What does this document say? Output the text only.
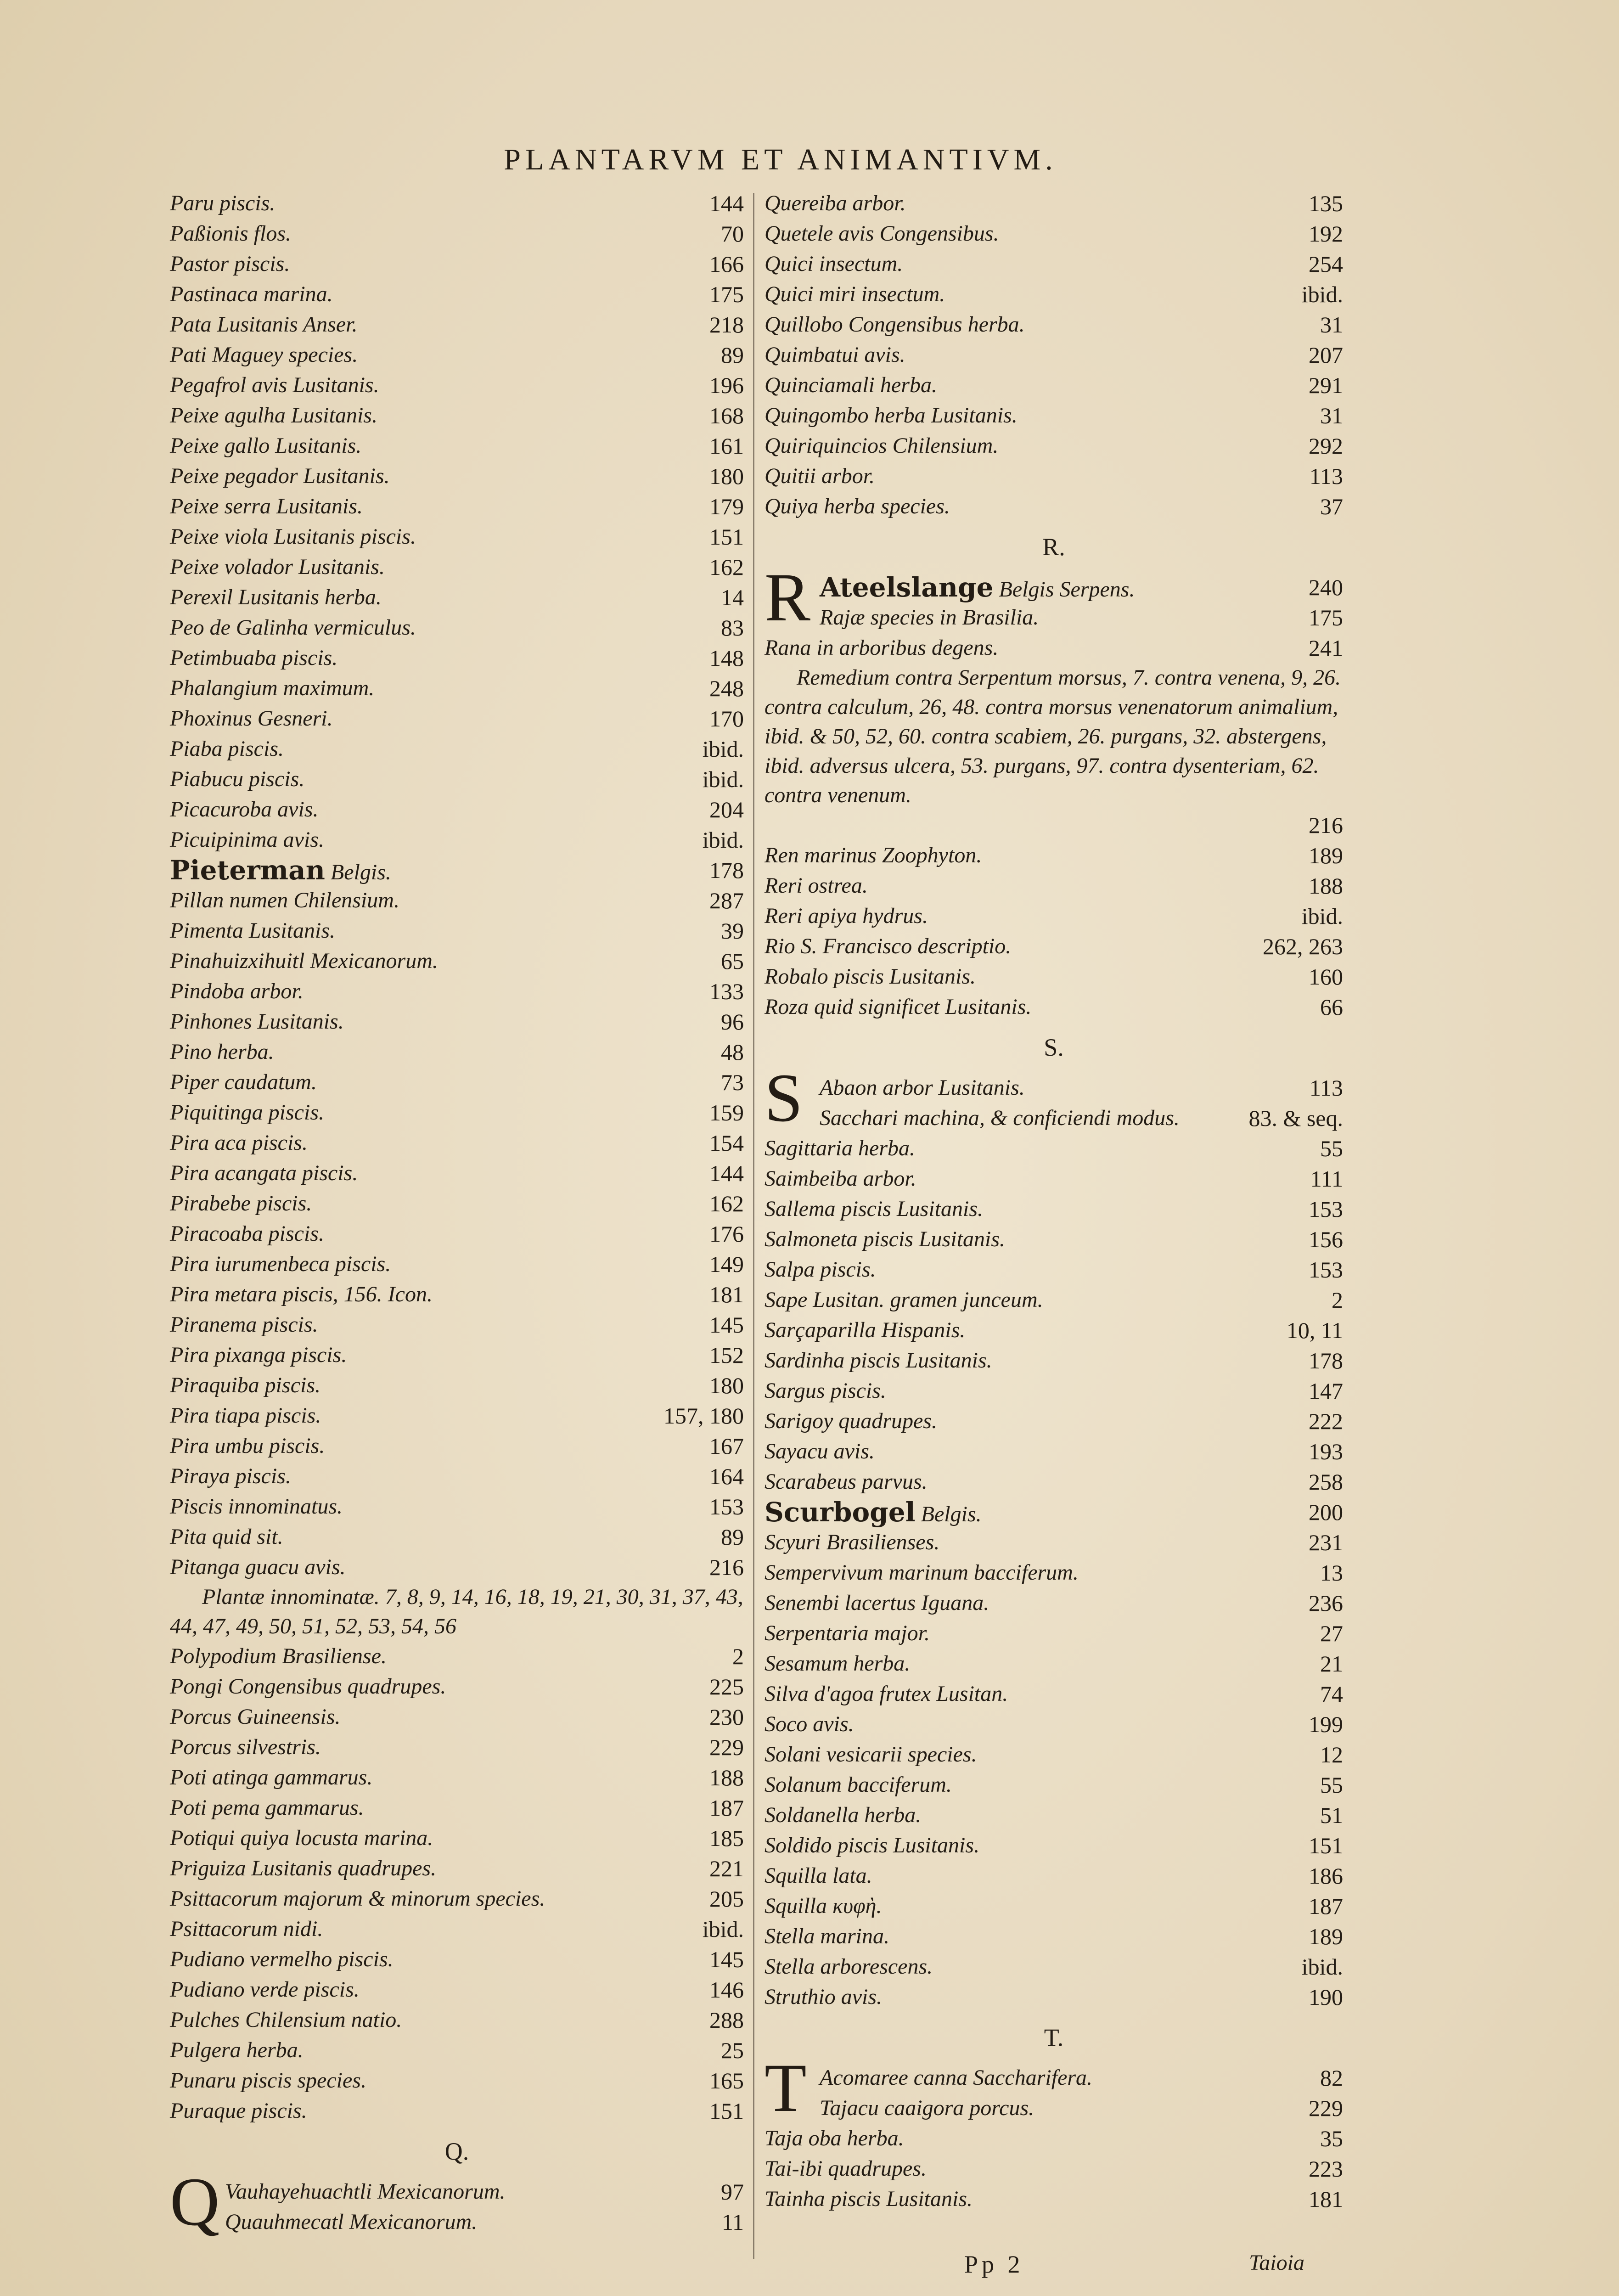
PLANTARVM ET ANIMANTIVM.
Paru piscis.	144
Paßionis flos.	70
Pastor piscis.	166
Pastinaca marina.	175
Pata Lusitanis Anser.	218
Pati Maguey species.	89
Pegafrol avis Lusitanis.	196
Peixe agulha Lusitanis.	168
Peixe gallo Lusitanis.	161
Peixe pegador Lusitanis.	180
Peixe serra Lusitanis.	179
Peixe viola Lusitanis piscis.	151
Peixe volador Lusitanis.	162
Perexil Lusitanis herba.	14
Peo de Galinha vermiculus.	83
Petimbuaba piscis.	148
Phalangium maximum.	248
Phoxinus Gesneri.	170
Piaba piscis.	ibid.
Piabucu piscis.	ibid.
Picacuroba avis.	204
Picuipinima avis.	ibid.
Pieterman Belgis.	178
Pillan numen Chilensium.	287
Pimenta Lusitanis.	39
Pinahuizxihuitl Mexicanorum.	65
Pindoba arbor.	133
Pinhones Lusitanis.	96
Pino herba.	48
Piper caudatum.	73
Piquitinga piscis.	159
Pira aca piscis.	154
Pira acangata piscis.	144
Pirabebe piscis.	162
Piracoaba piscis.	176
Pira iurumenbeca piscis.	149
Pira metara piscis, 156. Icon.	181
Piranema piscis.	145
Pira pixanga piscis.	152
Piraquiba piscis.	180
Pira tiapa piscis.	157, 180
Pira umbu piscis.	167
Piraya piscis.	164
Piscis innominatus.	153
Pita quid sit.	89
Pitanga guacu avis.	216
Plantæ innominatæ. 7, 8, 9, 14, 16, 18, 19, 21, 30, 31, 37, 43, 44, 47, 49, 50, 51, 52, 53, 54, 56
Polypodium Brasiliense.	2
Pongi Congensibus quadrupes.	225
Porcus Guineensis.	230
Porcus silvestris.	229
Poti atinga gammarus.	188
Poti pema gammarus.	187
Potiqui quiya locusta marina.	185
Priguiza Lusitanis quadrupes.	221
Psittacorum majorum & minorum species.	205
Psittacorum nidi.	ibid.
Pudiano vermelho piscis.	145
Pudiano verde piscis.	146
Pulches Chilensium natio.	288
Pulgera herba.	25
Punaru piscis species.	165
Puraque piscis.	151
Q.
Q Vauhayehuachtli Mexicanorum.	97
Quauhmecatl Mexicanorum.	11
Quereiba arbor.	135
Quetele avis Congensibus.	192
Quici insectum.	254
Quici miri insectum.	ibid.
Quillobo Congensibus herba.	31
Quimbatui avis.	207
Quinciamali herba.	291
Quingombo herba Lusitanis.	31
Quiriquincios Chilensium.	292
Quitii arbor.	113
Quiya herba species.	37
R.
R Ateelslange Belgis Serpens.	240
Rajæ species in Brasilia.	175
Rana in arboribus degens.	241
Remedium contra Serpentum morsus, 7. contra venena, 9, 26. contra calculum, 26, 48. contra morsus venenatorum animalium, ibid. & 50, 52, 60. contra scabiem, 26. purgans, 32. abstergens, ibid. adversus ulcera, 53. purgans, 97. contra dysenteriam, 62. contra venenum.
216
Ren marinus Zoophyton.	189
Reri ostrea.	188
Reri apiya hydrus.	ibid.
Rio S. Francisco descriptio.	262, 263
Robalo piscis Lusitanis.	160
Roza quid significet Lusitanis.	66
S.
S Abaon arbor Lusitanis.	113
Sacchari machina, & conficiendi modus.	83. & seq.
Sagittaria herba.	55
Saimbeiba arbor.	111
Sallema piscis Lusitanis.	153
Salmoneta piscis Lusitanis.	156
Salpa piscis.	153
Sape Lusitan. gramen junceum.	2
Sarçaparilla Hispanis.	10, 11
Sardinha piscis Lusitanis.	178
Sargus piscis.	147
Sarigoy quadrupes.	222
Sayacu avis.	193
Scarabeus parvus.	258
Scurbogel Belgis.	200
Scyuri Brasilienses.	231
Sempervivum marinum bacciferum.	13
Senembi lacertus Iguana.	236
Serpentaria major.	27
Sesamum herba.	21
Silva d'agoa frutex Lusitan.	74
Soco avis.	199
Solani vesicarii species.	12
Solanum bacciferum.	55
Soldanella herba.	51
Soldido piscis Lusitanis.	151
Squilla lata.	186
Squilla κυφὴ.	187
Stella marina.	189
Stella arborescens.	ibid.
Struthio avis.	190
T.
T Acomaree canna Saccharifera.	82
Tajacu caaigora porcus.	229
Taja oba herba.	35
Tai-ibi quadrupes.	223
Tainha piscis Lusitanis.	181
Pp 2	Taioia
